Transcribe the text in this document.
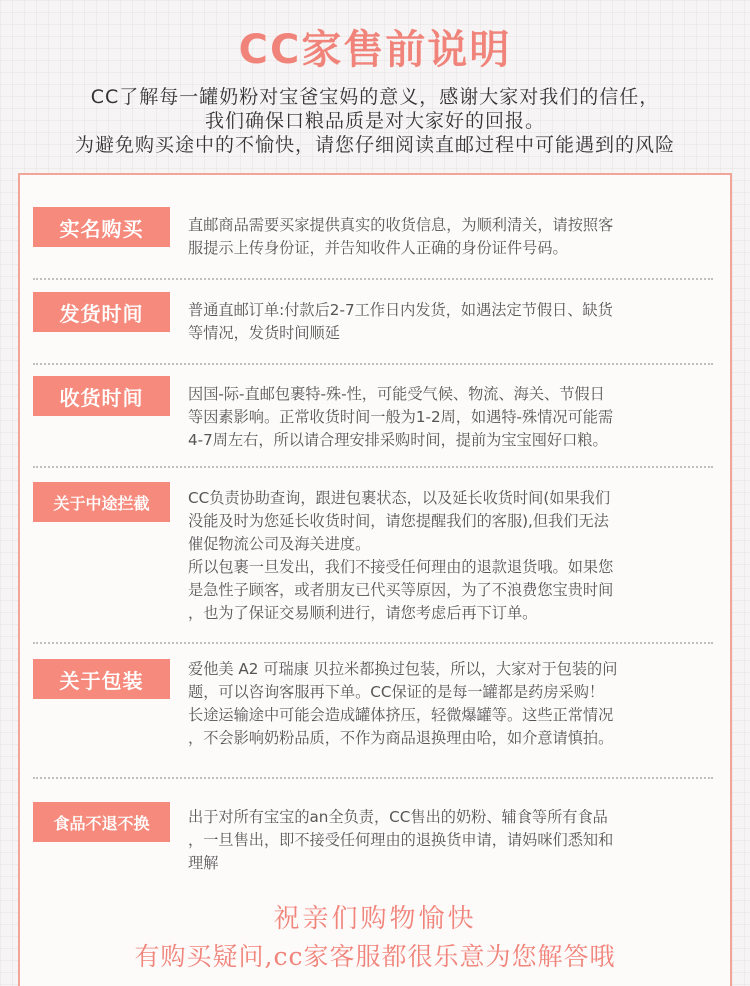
CC家售前说明
CC了解每一罐奶粉对宝爸宝妈的意义，感谢大家对我们的信任，
我们确保口粮品质是对大家好的回报。
为避免购买途中的不愉快，请您仔细阅读直邮过程中可能遇到的风险
实名购买	直邮商品需要买家提供真实的收货信息，为顺利清关，请按照客

服提示上传身份证，并告知收件人正确的身份证件号码。

发货时间	普通直邮订单:付款后2-7工作日内发货，如遇法定节假日、缺货

等情况，发货时间顺延

收货时间	因国-际-直邮包裹特-殊-性，可能受气候、物流、海关、节假日

等因素影响。正常收货时间一般为1-2周，如遇特-殊情况可能需

4-7周左右，所以请合理安排采购时间，提前为宝宝囤好口粮。

关于中途拦截	CC负责协助查询，跟进包裹状态，以及延长收货时间(如果我们

没能及时为您延长收货时间，请您提醒我们的客服),但我们无法

催促物流公司及海关进度。

所以包裹一旦发出，我们不接受任何理由的退款退货哦。如果您

是急性子顾客，或者朋友已代买等原因，为了不浪费您宝贵时间

，也为了保证交易顺利进行，请您考虑后再下订单。

关于包装	爱他美 A2 可瑞康 贝拉米都换过包装，所以，大家对于包装的问

题，可以咨询客服再下单。CC保证的是每一罐都是药房采购！

长途运输途中可能会造成罐体挤压，轻微爆罐等。这些正常情况

，不会影响奶粉品质，不作为商品退换理由哈，如介意请慎拍。

食品不退不换	出于对所有宝宝的an全负责，CC售出的奶粉、辅食等所有食品

，一旦售出，即不接受任何理由的退换货申请，请妈咪们悉知和

理解

祝亲们购物愉快
有购买疑问,cc家客服都很乐意为您解答哦
